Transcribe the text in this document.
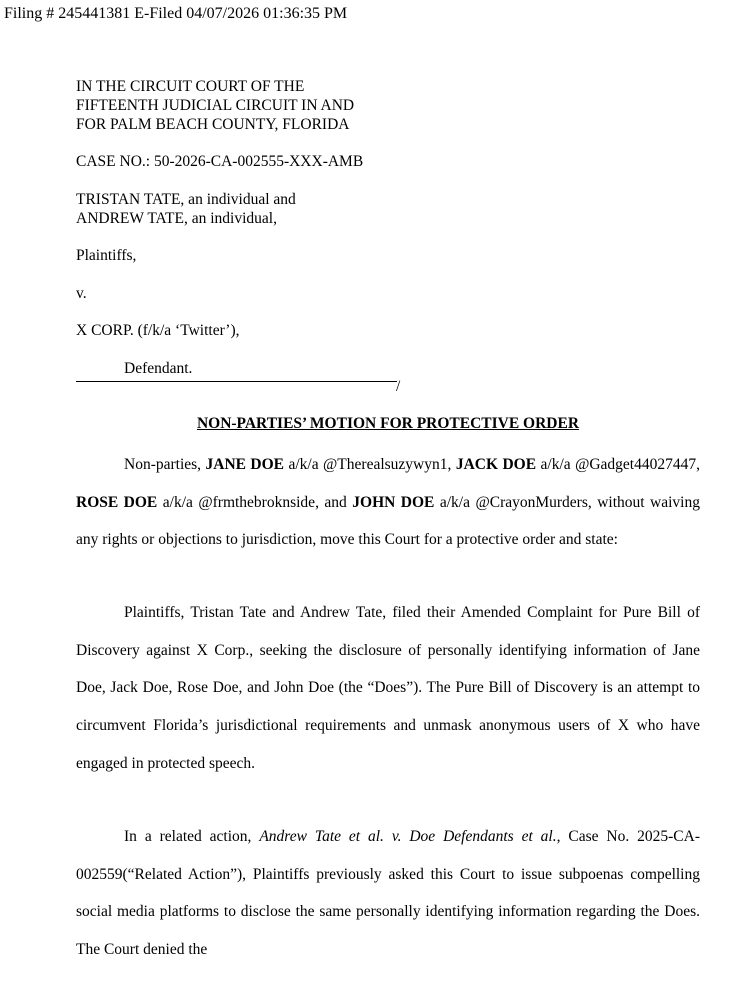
Filing # 245441381 E-Filed 04/07/2026 01:36:35 PM
IN THE CIRCUIT COURT OF THE
FIFTEENTH JUDICIAL CIRCUIT IN AND
FOR PALM BEACH COUNTY, FLORIDA
CASE NO.: 50-2026-CA-002555-XXX-AMB
TRISTAN TATE, an individual and
ANDREW TATE, an individual,
Plaintiffs,
v.
X CORP. (f/k/a ‘Twitter’),
Defendant.
/
NON-PARTIES’ MOTION FOR PROTECTIVE ORDER

Non-parties, JANE DOE a/k/a @Therealsuzywyn1, JACK DOE a/k/a @Gadget44027447, ROSE DOE a/k/a @frmthebroknside, and JOHN DOE a/k/a @CrayonMurders, without waiving any rights or objections to jurisdiction, move this Court for a protective order and state:

Plaintiffs, Tristan Tate and Andrew Tate, filed their Amended Complaint for Pure Bill of Discovery against X Corp., seeking the disclosure of personally identifying information of Jane Doe, Jack Doe, Rose Doe, and John Doe (the “Does”). The Pure Bill of Discovery is an attempt to circumvent Florida’s jurisdictional requirements and unmask anonymous users of X who have engaged in protected speech.

In a related action, Andrew Tate et al. v. Doe Defendants et al., Case No. 2025-CA-002559(“Related Action”), Plaintiffs previously asked this Court to issue subpoenas compelling social media platforms to disclose the same personally identifying information regarding the Does. The Court denied the
